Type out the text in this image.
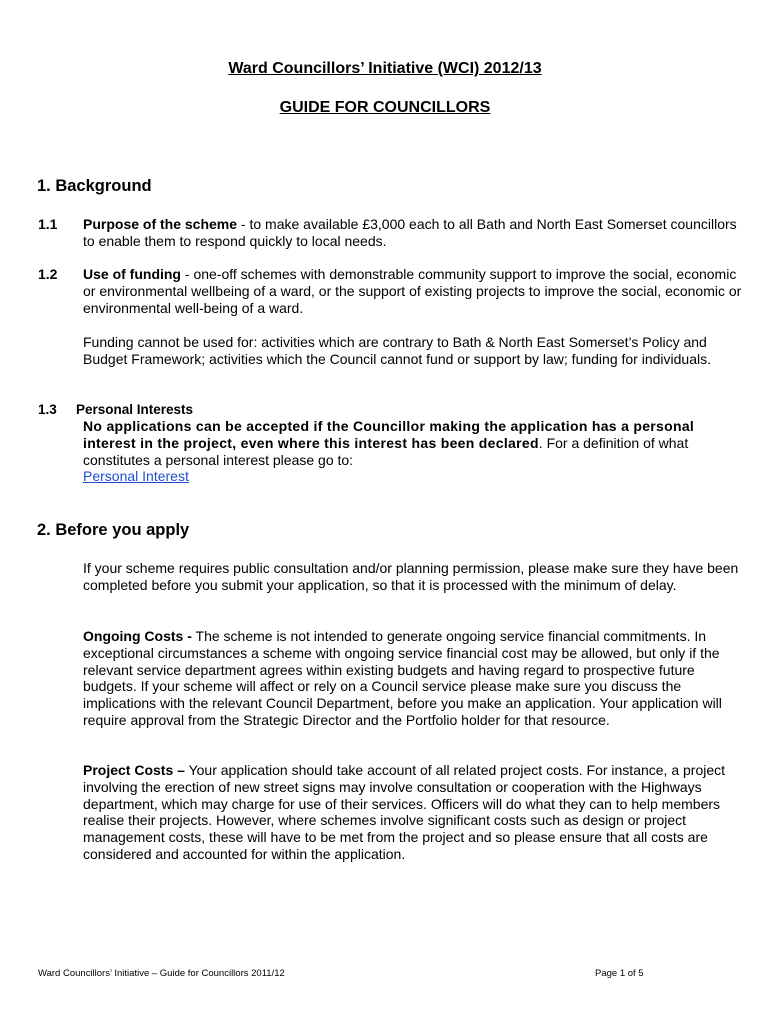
Ward Councillors’ Initiative (WCI) 2012/13
GUIDE FOR COUNCILLORS
1. Background
1.1 Purpose of the scheme - to make available £3,000 each to all Bath and North East Somerset councillors to enable them to respond quickly to local needs.
1.2 Use of funding - one-off schemes with demonstrable community support to improve the social, economic or environmental wellbeing of a ward, or the support of existing projects to improve the social, economic or environmental well-being of a ward.
Funding cannot be used for: activities which are contrary to Bath & North East Somerset’s Policy and Budget Framework; activities which the Council cannot fund or support by law; funding for individuals.
1.3 Personal Interests
No applications can be accepted if the Councillor making the application has a personal interest in the project, even where this interest has been declared. For a definition of what constitutes a personal interest please go to:
Personal Interest
2. Before you apply
If your scheme requires public consultation and/or planning permission, please make sure they have been completed before you submit your application, so that it is processed with the minimum of delay.
Ongoing Costs - The scheme is not intended to generate ongoing service financial commitments. In exceptional circumstances a scheme with ongoing service financial cost may be allowed, but only if the relevant service department agrees within existing budgets and having regard to prospective future budgets. If your scheme will affect or rely on a Council service please make sure you discuss the implications with the relevant Council Department, before you make an application. Your application will require approval from the Strategic Director and the Portfolio holder for that resource.
Project Costs – Your application should take account of all related project costs. For instance, a project involving the erection of new street signs may involve consultation or cooperation with the Highways department, which may charge for use of their services. Officers will do what they can to help members realise their projects. However, where schemes involve significant costs such as design or project management costs, these will have to be met from the project and so please ensure that all costs are considered and accounted for within the application.
Ward Councillors’ Initiative – Guide for Councillors 2011/12	Page 1 of 5
